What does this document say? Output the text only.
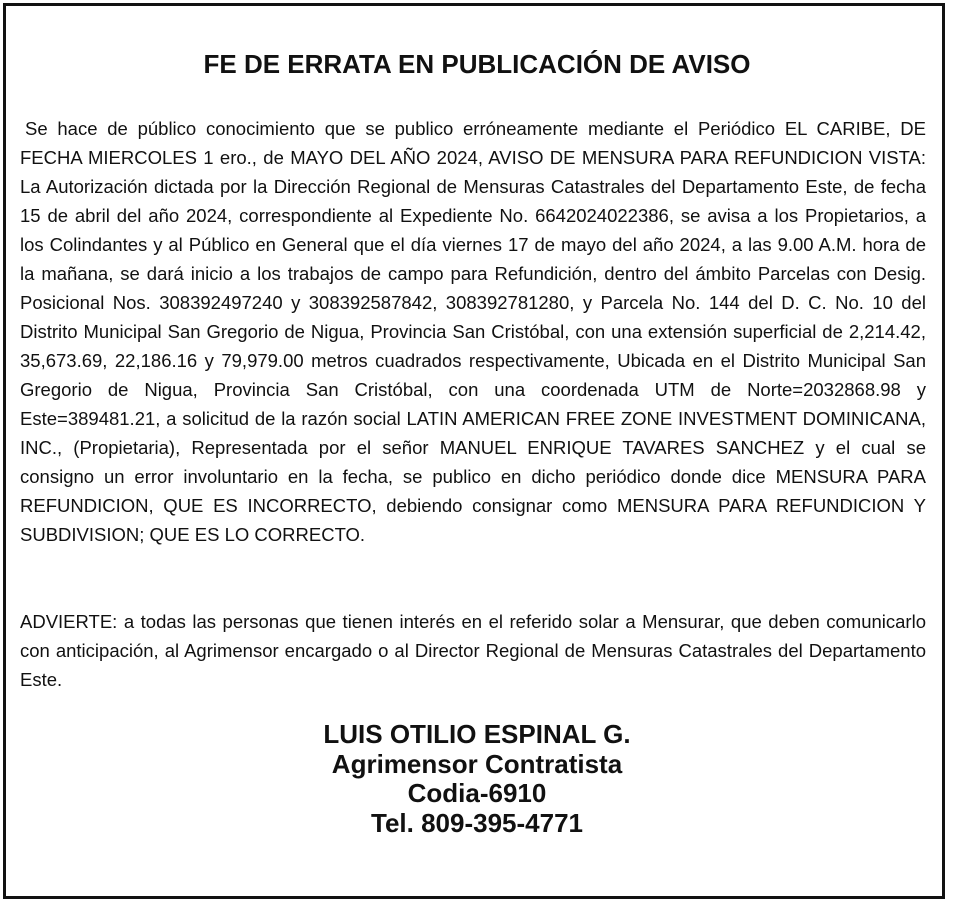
FE DE ERRATA EN PUBLICACIÓN DE AVISO

Se hace de público conocimiento que se publico erróneamente mediante el Periódico EL CARIBE, DE FECHA MIERCOLES 1 ero., de MAYO DEL AÑO 2024, AVISO DE MENSURA PARA REFUNDICION VISTA: La Autorización dictada por la Dirección Regional de Mensuras Catastrales del Departamento Este, de fecha 15 de abril del año 2024, correspondiente al Expediente No. 6642024022386, se avisa a los Propietarios, a los Colindantes y al Público en General que el día viernes 17 de mayo del año 2024, a las 9.00 A.M. hora de la mañana, se dará inicio a los trabajos de campo para Refundición, dentro del ámbito Parcelas con Desig. Posicional Nos. 308392497240 y 308392587842, 308392781280, y Parcela No. 144 del D. C. No. 10 del Distrito Municipal San Gregorio de Nigua, Provincia San Cristóbal, con una extensión superficial de 2,214.42, 35,673.69, 22,186.16 y 79,979.00 metros cuadrados respectivamente, Ubicada en el Distrito Municipal San Gregorio de Nigua, Provincia San Cristóbal, con una coordenada UTM de Norte=2032868.98 y Este=389481.21, a solicitud de la razón social LATIN AMERICAN FREE ZONE INVESTMENT DOMINICANA, INC., (Propietaria), Representada por el señor MANUEL ENRIQUE TAVARES SANCHEZ y el cual se consigno un error involuntario en la fecha, se publico en dicho periódico donde dice MENSURA PARA REFUNDICION, QUE ES INCORRECTO, debiendo consignar como MENSURA PARA REFUNDICION Y SUBDIVISION; QUE ES LO CORRECTO.

ADVIERTE: a todas las personas que tienen interés en el referido solar a Mensurar, que deben comunicarlo con anticipación, al Agrimensor encargado o al Director Regional de Mensuras Catastrales del Departamento Este.

LUIS OTILIO ESPINAL G.
Agrimensor Contratista
Codia-6910
Tel. 809-395-4771
